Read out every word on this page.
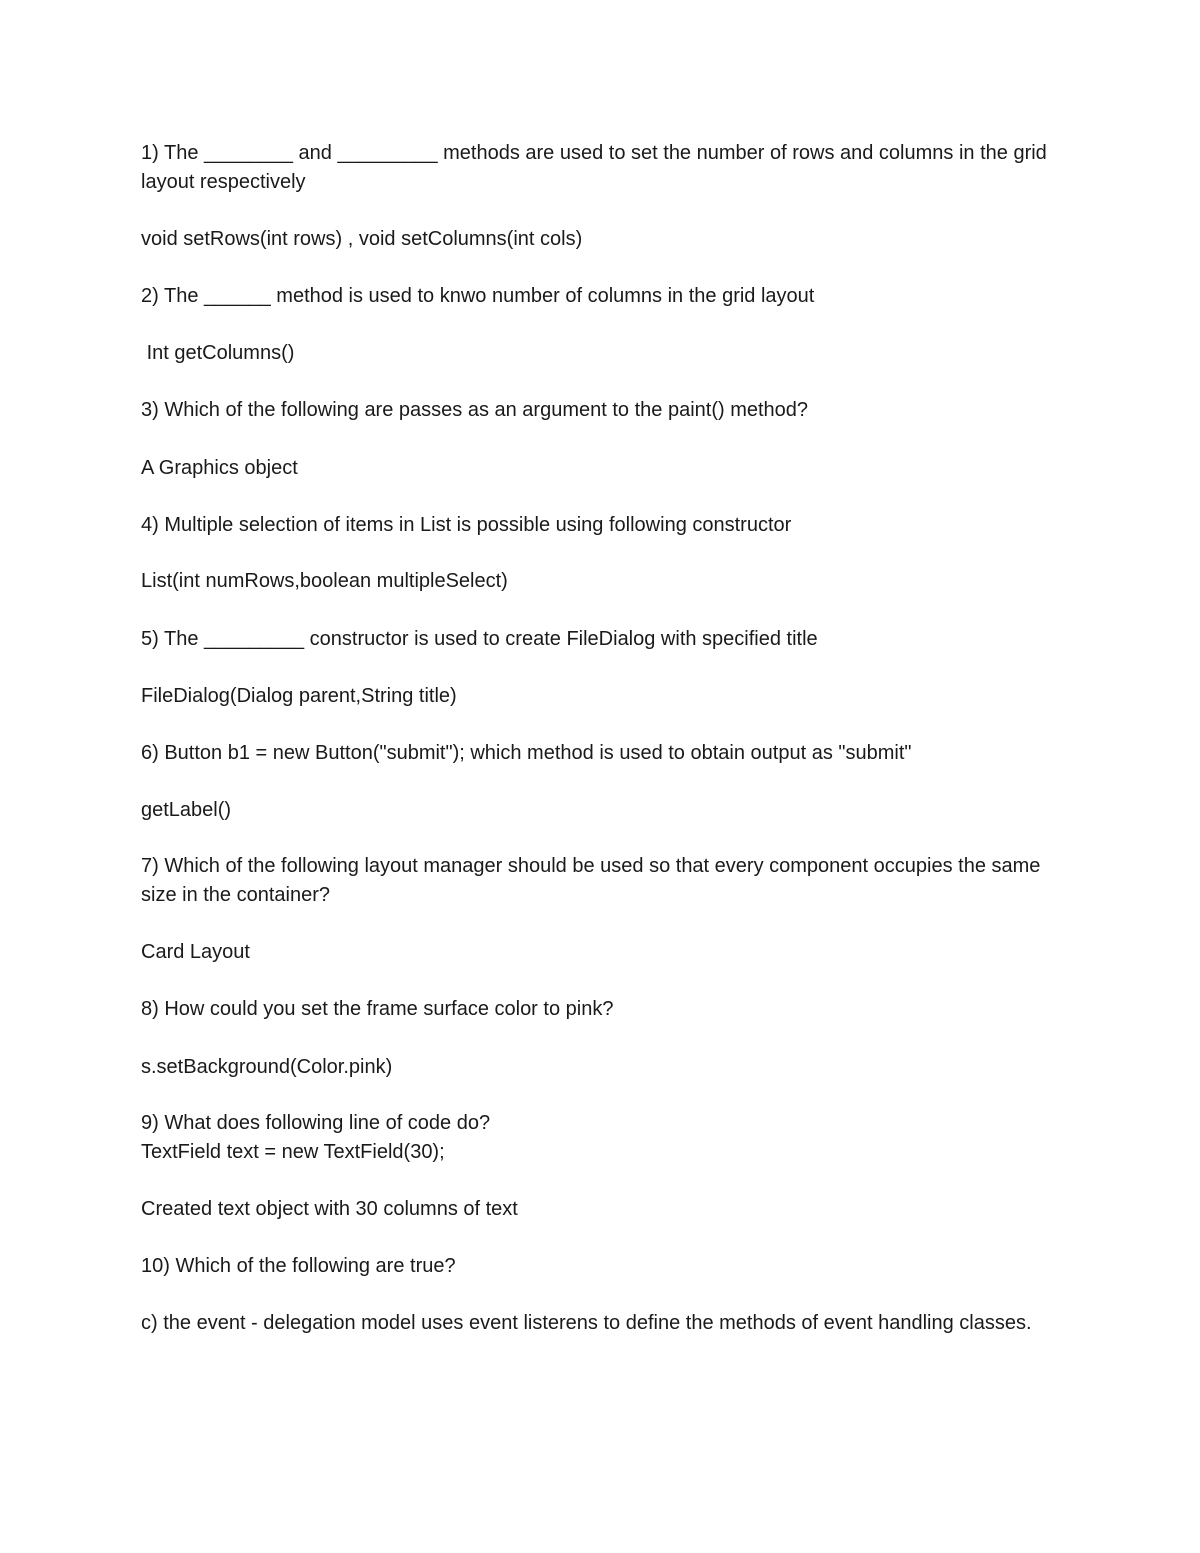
1) The ________ and _________ methods are used to set the number of rows and columns in the grid layout respectively

void setRows(int rows) , void setColumns(int cols)

2) The ______ method is used to knwo number of columns in the grid layout

Int getColumns()

3) Which of the following are passes as an argument to the paint() method?

A Graphics object

4) Multiple selection of items in List is possible using following constructor

List(int numRows,boolean multipleSelect)

5) The _________ constructor is used to create FileDialog with specified title

FileDialog(Dialog parent,String title)

6) Button b1 = new Button("submit"); which method is used to obtain output as "submit"

getLabel()

7) Which of the following layout manager should be used so that every component occupies the same size in the container?

Card Layout

8) How could you set the frame surface color to pink?

s.setBackground(Color.pink)

9) What does following line of code do?

TextField text = new TextField(30);

Created text object with 30 columns of text

10) Which of the following are true?

c) the event - delegation model uses event listerens to define the methods of event handling classes.
